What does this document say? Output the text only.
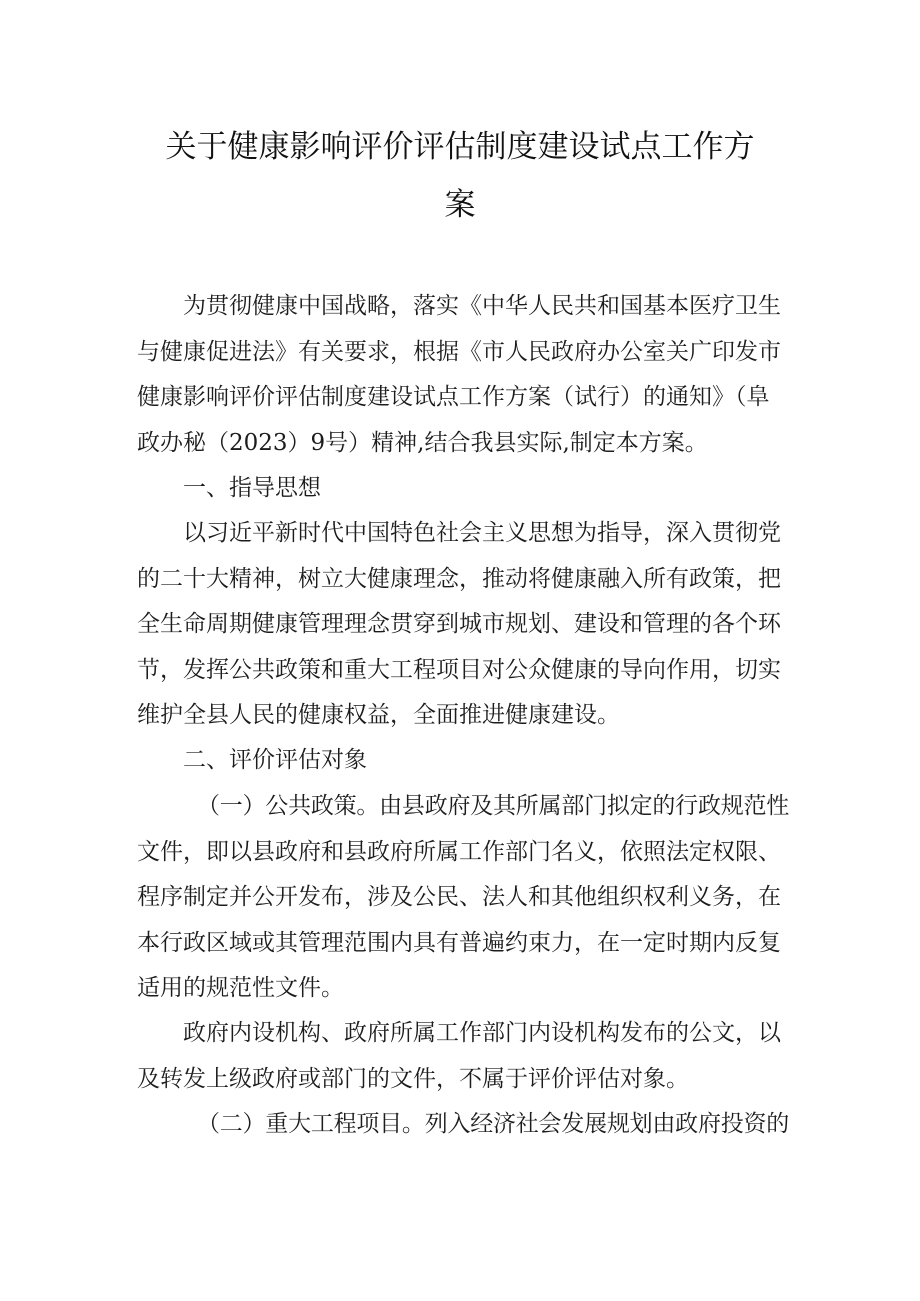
关于健康影响评价评估制度建设试点工作方
案
为贯彻健康中国战略，落实《中华人民共和国基本医疗卫生
与健康促进法》有关要求，根据《市人民政府办公室关广印发市
健康影响评价评估制度建设试点工作方案（试行）的通知》（阜
政办秘（2023）9号）精神,结合我县实际,制定本方案。
一、指导思想
以习近平新时代中国特色社会主义思想为指导，深入贯彻党
的二十大精神，树立大健康理念，推动将健康融入所有政策，把
全生命周期健康管理理念贯穿到城市规划、建设和管理的各个环
节，发挥公共政策和重大工程项目对公众健康的导向作用，切实
维护全县人民的健康权益，全面推进健康建设。
二、评价评估对象
（一）公共政策。由县政府及其所属部门拟定的行政规范性
文件，即以县政府和县政府所属工作部门名义，依照法定权限、
程序制定并公开发布，涉及公民、法人和其他组织权利义务，在
本行政区域或其管理范围内具有普遍约束力，在一定时期内反复
适用的规范性文件。
政府内设机构、政府所属工作部门内设机构发布的公文，以
及转发上级政府或部门的文件，不属于评价评估对象。
（二）重大工程项目。列入经济社会发展规划由政府投资的
